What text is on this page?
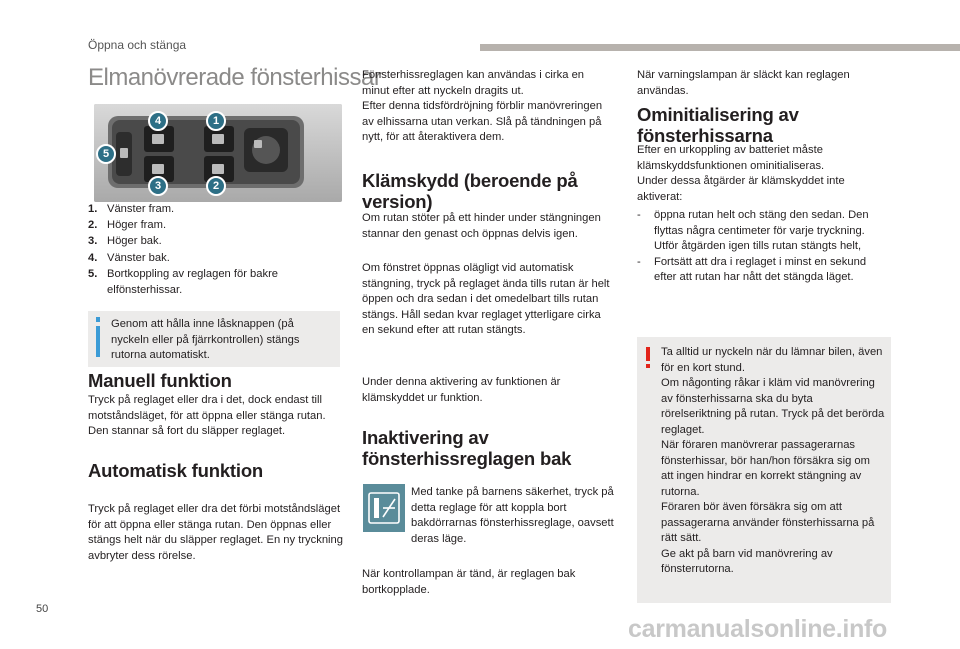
Öppna och stänga
Elmanövrerade fönsterhissar
4	1
5
3	2
1. Vänster fram.
2. Höger fram.
3. Höger bak.
4. Vänster bak.
5. Bortkoppling av reglagen för bakre elfönsterhissar.
Genom att hålla inne låsknappen (på nyckeln eller på fjärrkontrollen) stängs rutorna automatiskt.
Manuell funktion

Tryck på reglaget eller dra i det, dock endast till motståndsläget, för att öppna eller stänga rutan. Den stannar så fort du släpper reglaget.

Automatisk funktion

Tryck på reglaget eller dra det förbi motståndsläget för att öppna eller stänga rutan. Den öppnas eller stängs helt när du släpper reglaget. En ny tryckning avbryter dess rörelse.

Fönsterhissreglagen kan användas i cirka en minut efter att nyckeln dragits ut.
Efter denna tidsfördröjning förblir manövreringen av elhissarna utan verkan. Slå på tändningen på nytt, för att återaktivera dem.

Klämskydd (beroende på version)

Om rutan stöter på ett hinder under stängningen stannar den genast och öppnas delvis igen.

Om fönstret öppnas olägligt vid automatisk stängning, tryck på reglaget ända tills rutan är helt öppen och dra sedan i det omedelbart tills rutan stängs. Håll sedan kvar reglaget ytterligare cirka en sekund efter att rutan stängts.

Under denna aktivering av funktionen är klämskyddet ur funktion.

Inaktivering av fönsterhissreglagen bak

Med tanke på barnens säkerhet, tryck på detta reglage för att koppla bort bakdörrarnas fönsterhissreglage, oavsett deras läge.

När kontrollampan är tänd, är reglagen bak bortkopplade.

När varningslampan är släckt kan reglagen användas.

Ominitialisering av fönsterhissarna

Efter en urkoppling av batteriet måste klämskyddsfunktionen ominitialiseras.
Under dessa åtgärder är klämskyddet inte aktiverat:

-	öppna rutan helt och stäng den sedan. Den flyttas några centimeter för varje tryckning. Utför åtgärden igen tills rutan stängts helt,
-	Fortsätt att dra i reglaget i minst en sekund efter att rutan har nått det stängda läget.
Ta alltid ur nyckeln när du lämnar bilen, även för en kort stund.
Om någonting råkar i kläm vid manövrering av fönsterhissarna ska du byta rörelseriktning på rutan. Tryck på det berörda reglaget.
När föraren manövrerar passagerarnas fönsterhissar, bör han/hon försäkra sig om att ingen hindrar en korrekt stängning av rutorna.
Föraren bör även försäkra sig om att passagerarna använder fönsterhissarna på rätt sätt.
Ge akt på barn vid manövrering av fönsterrutorna.
50
carmanualsonline.info
